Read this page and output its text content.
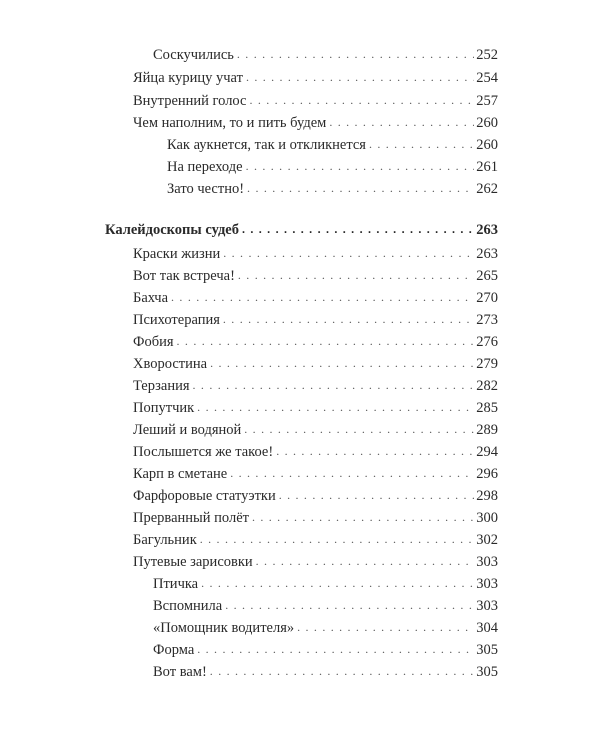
Соскучились . . .	252
Яйца курицу учат . . .	254
Внутренний голос . . .	257
Чем наполним, то и пить будем . . .	260
Как аукнется, так и откликнется . . .	260
На переходе . . .	261
Зато честно! . . .	262
Калейдоскопы судеб . . .	263
Краски жизни . . .	263
Вот так встреча! . . .	265
Бахча . . .	270
Психотерапия . . .	273
Фобия . . .	276
Хворостина . . .	279
Терзания . . .	282
Попутчик . . .	285
Леший и водяной . . .	289
Послышется же такое! . . .	294
Карп в сметане . . .	296
Фарфоровые статуэтки . . .	298
Прерванный полёт . . .	300
Багульник . . .	302
Путевые зарисовки . . .	303
Птичка . . .	303
Вспомнила . . .	303
«Помощник водителя» . . .	304
Форма . . .	305
Вот вам! . . .	305
